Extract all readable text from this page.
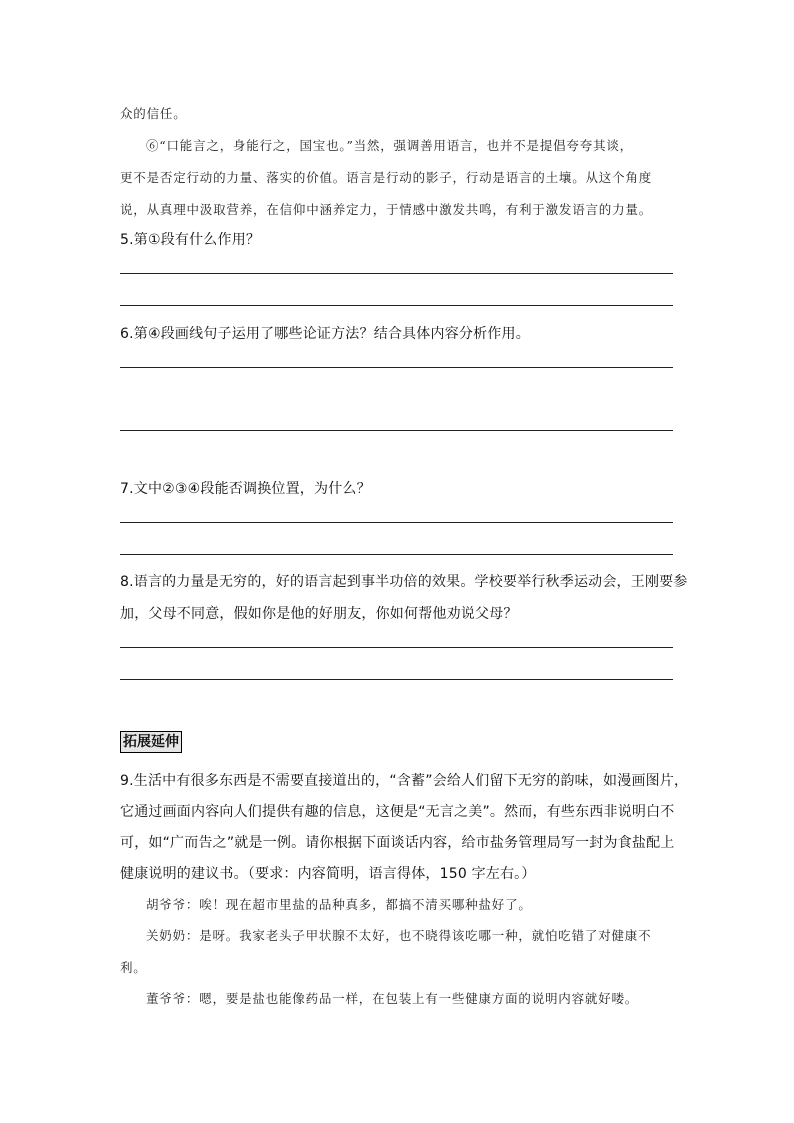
众的信任。
⑥“口能言之，身能行之，国宝也。”当然，强调善用语言，也并不是提倡夸夸其谈，
更不是否定行动的力量、落实的价值。语言是行动的影子，行动是语言的土壤。从这个角度
说，从真理中汲取营养，在信仰中涵养定力，于情感中激发共鸣，有利于激发语言的力量。
5.第①段有什么作用？
6.第④段画线句子运用了哪些论证方法？结合具体内容分析作用。
7.文中②③④段能否调换位置，为什么？
8.语言的力量是无穷的，好的语言起到事半功倍的效果。学校要举行秋季运动会，王刚要参
加，父母不同意，假如你是他的好朋友，你如何帮他劝说父母？
拓展延伸
9.生活中有很多东西是不需要直接道出的，“含蓄”会给人们留下无穷的韵味，如漫画图片，
它通过画面内容向人们提供有趣的信息，这便是“无言之美”。然而，有些东西非说明白不
可，如“广而告之”就是一例。请你根据下面谈话内容，给市盐务管理局写一封为食盐配上
健康说明的建议书。（要求：内容简明，语言得体，150 字左右。）
胡爷爷：唉！现在超市里盐的品种真多，都搞不清买哪种盐好了。
关奶奶：是呀。我家老头子甲状腺不太好，也不晓得该吃哪一种，就怕吃错了对健康不
利。
董爷爷：嗯，要是盐也能像药品一样，在包装上有一些健康方面的说明内容就好喽。
